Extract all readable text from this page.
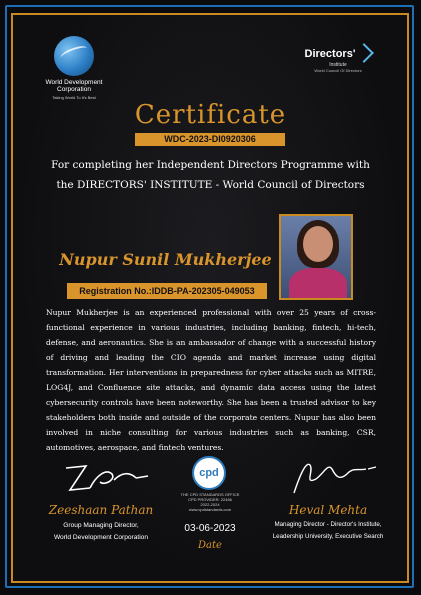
World Development Corporation
Taking World To It's Best
Directors'
Institute
World Council Of Directors
Certificate
WDC-2023-DI0920306
For completing her Independent Directors Programme with
the DIRECTORS' INSTITUTE - World Council of Directors
Nupur Sunil Mukherjee
Registration No.:IDDB-PA-202305-049053
Nupur Mukherjee is an experienced professional with over 25 years of cross-functional experience in various industries, including banking, fintech, hi-tech, defense, and aeronautics. She is an ambassador of change with a successful history of driving and leading the CIO agenda and market increase using digital transformation. Her interventions in preparedness for cyber attacks such as MITRE, LOG4J, and Confluence site attacks, and dynamic data access using the latest cybersecurity controls have been noteworthy. She has been a trusted advisor to key stakeholders both inside and outside of the corporate centers. Nupur has also been involved in niche consulting for various industries such as banking, CSR, automotives, aerospace, and fintech ventures.
Zeeshaan Pathan
Group Managing Director,
World Development Corporation
Heval Mehta
Managing Director - Director's Institute,
Leadership University, Executive Search
cpd
THE CPD STANDARDS OFFICE
CPD PROVIDER: 22466
2022-2024
www.cpdstandards.com
03-06-2023
Date
